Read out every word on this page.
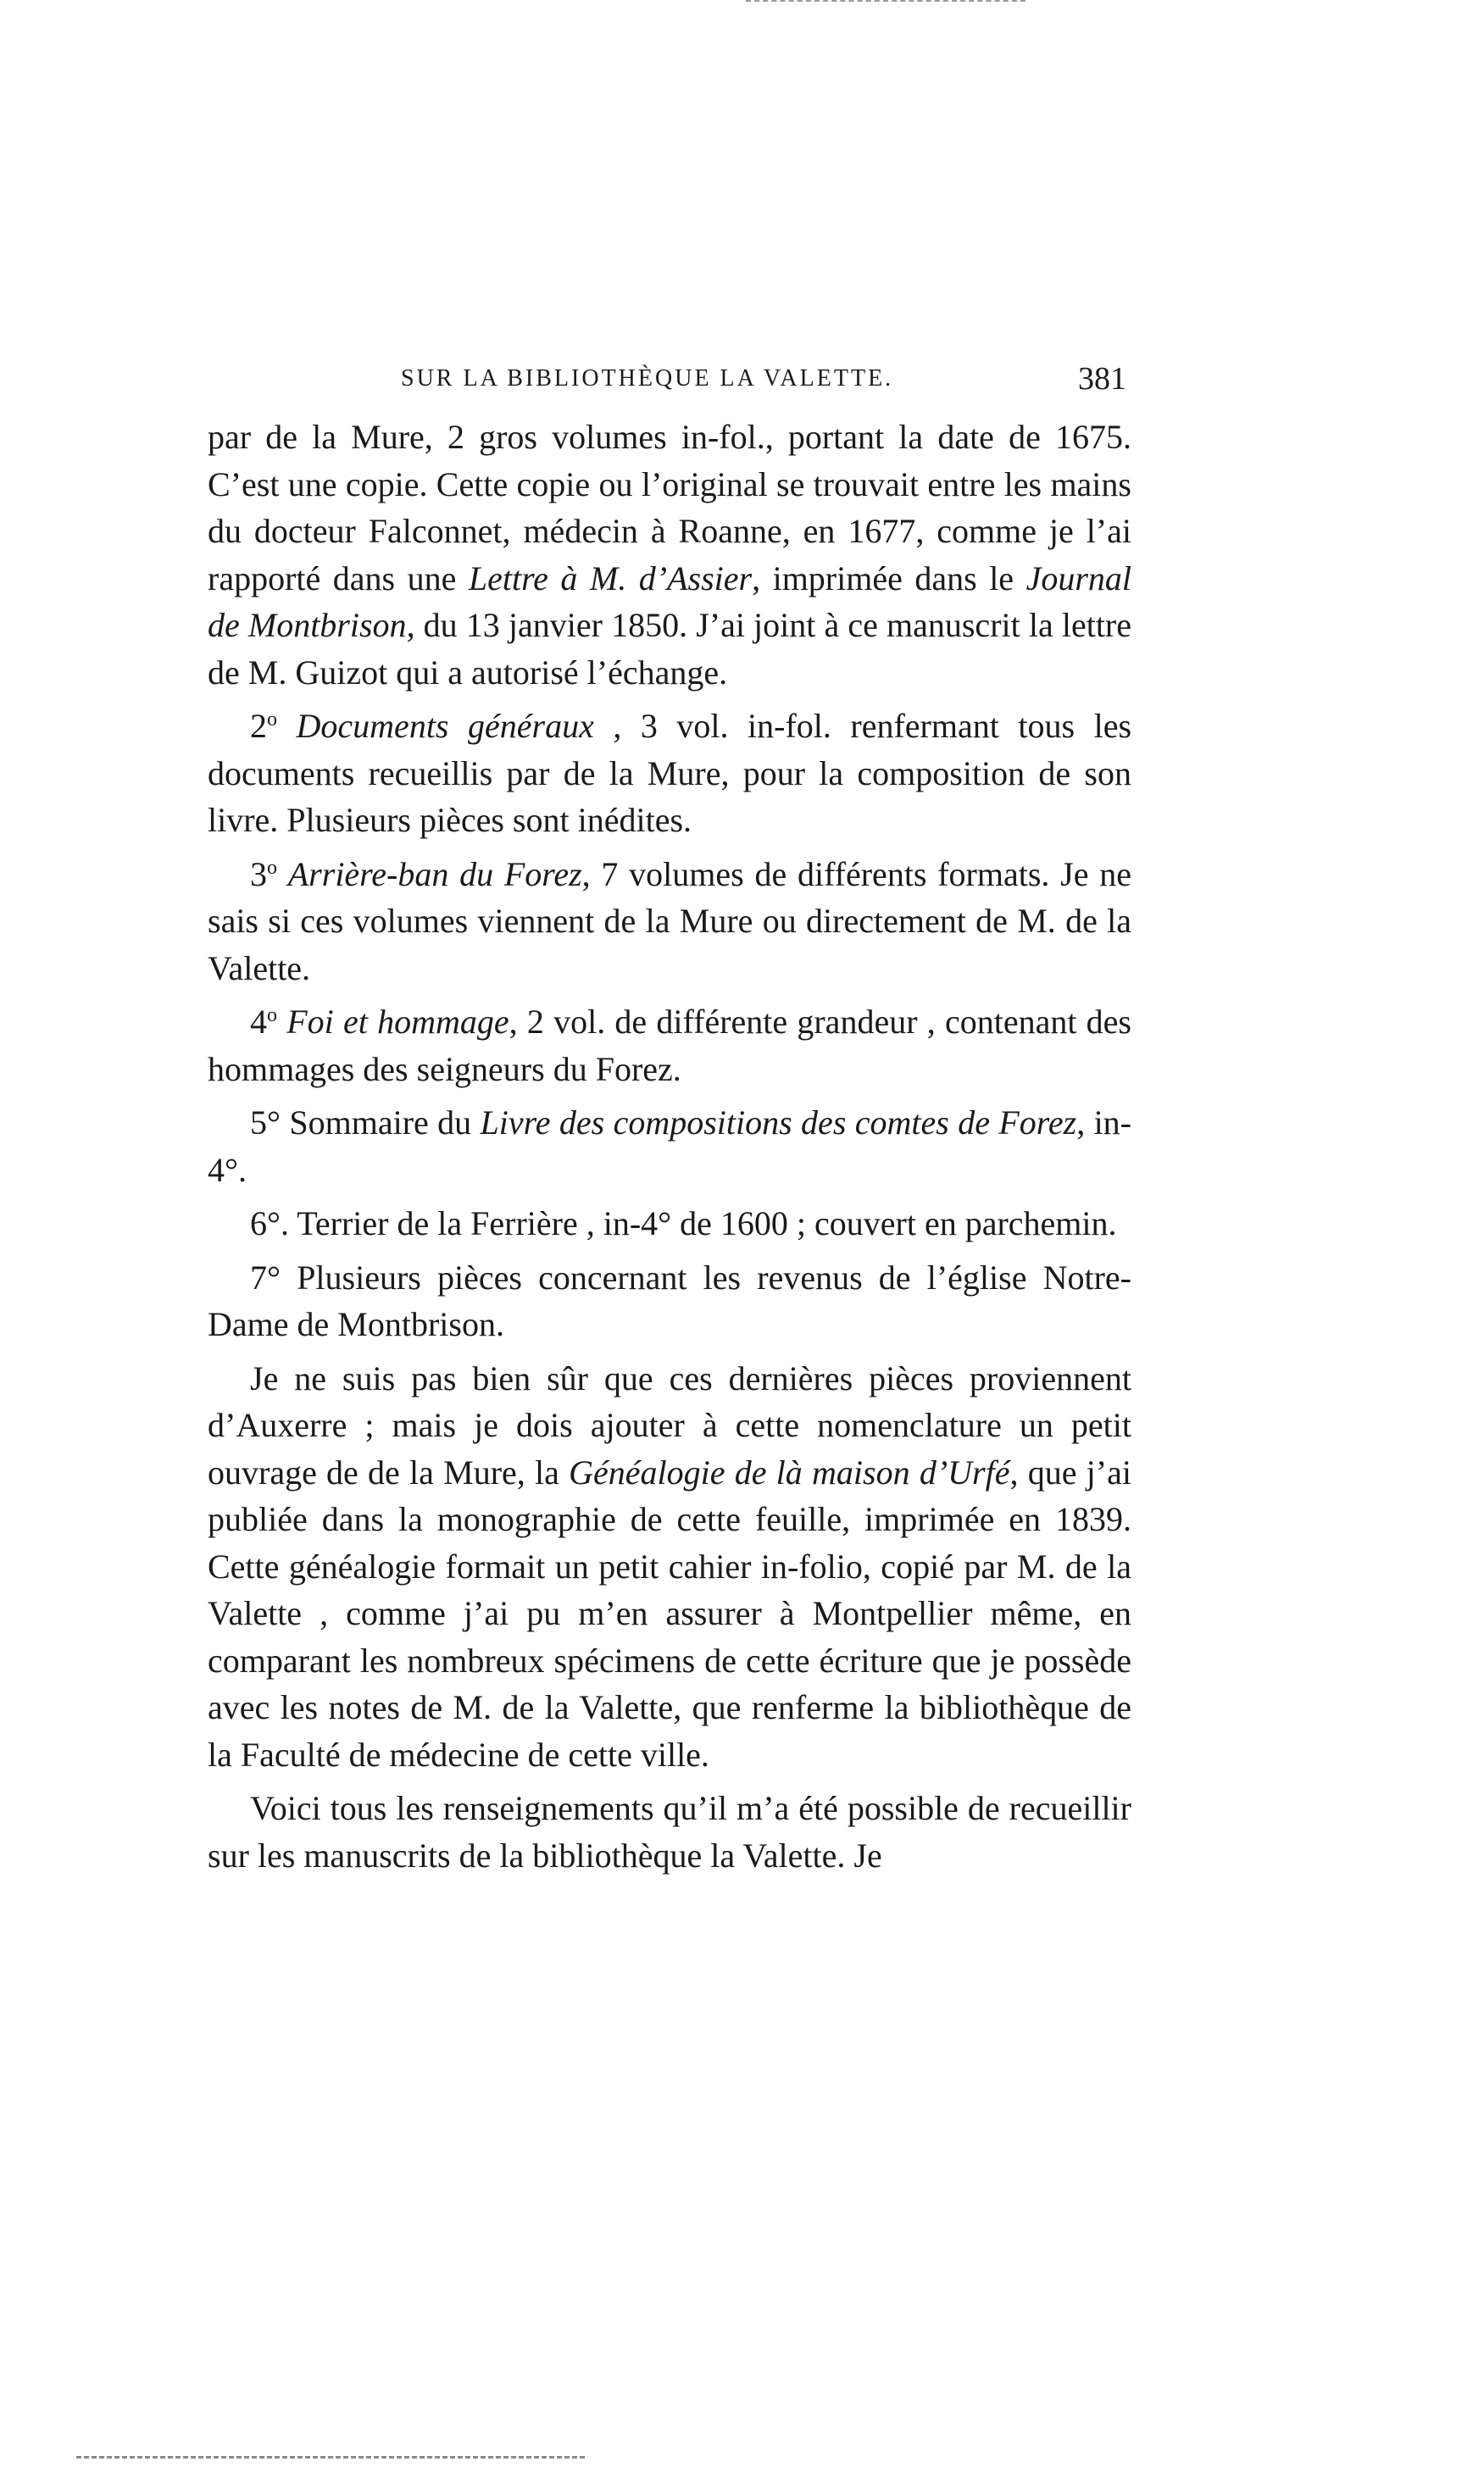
SUR LA BIBLIOTHÈQUE LA VALETTE.	381

par de la Mure, 2 gros volumes in-fol., portant la date de 1675. C’est une copie. Cette copie ou l’original se trouvait entre les mains du docteur Falconnet, médecin à Roanne, en 1677, comme je l’ai rapporté dans une Lettre à M. d’Assier, imprimée dans le Journal de Montbrison, du 13 janvier 1850. J’ai joint à ce manuscrit la lettre de M. Guizot qui a autorisé l’échange.

2$^o$ Documents généraux , 3 vol. in-fol. renfermant tous les documents recueillis par de la Mure, pour la composition de son livre. Plusieurs pièces sont inédites.

3$^o$ Arrière-ban du Forez, 7 volumes de différents formats. Je ne sais si ces volumes viennent de la Mure ou directement de M. de la Valette.

4$^o$ Foi et hommage, 2 vol. de différente grandeur , contenant des hommages des seigneurs du Forez.

5° Sommaire du Livre des compositions des comtes de Forez, in-4°.

6°. Terrier de la Ferrière , in-4° de 1600 ; couvert en parchemin.

7° Plusieurs pièces concernant les revenus de l’église Notre-Dame de Montbrison.

Je ne suis pas bien sûr que ces dernières pièces proviennent d’Auxerre ; mais je dois ajouter à cette nomenclature un petit ouvrage de de la Mure, la Généalogie de là maison d’Urfé, que j’ai publiée dans la monographie de cette feuille, imprimée en 1839. Cette généalogie formait un petit cahier in-folio, copié par M. de la Valette , comme j’ai pu m’en assurer à Montpellier même, en comparant les nombreux spécimens de cette écriture que je possède avec les notes de M. de la Valette, que renferme la bibliothèque de la Faculté de médecine de cette ville.

Voici tous les renseignements qu’il m’a été possible de recueillir sur les manuscrits de la bibliothèque la Valette. Je
